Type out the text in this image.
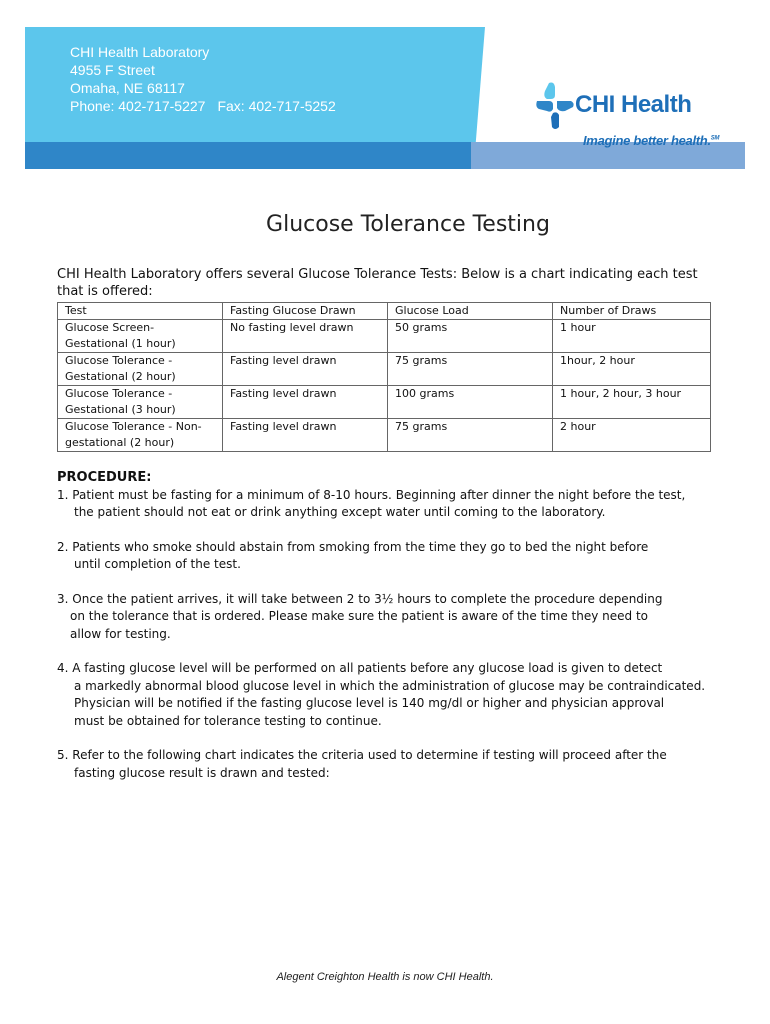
CHI Health Laboratory
4955 F Street
Omaha, NE 68117
Phone: 402-717-5227 Fax: 402-717-5252	CHI Health
Imagine better health.℠
Glucose Tolerance Testing
CHI Health Laboratory offers several Glucose Tolerance Tests: Below is a chart indicating each test that is offered:
Test	Fasting Glucose Drawn	Glucose Load	Number of Draws
Glucose Screen-Gestational (1 hour)	No fasting level drawn	50 grams	1 hour
Glucose Tolerance - Gestational (2 hour)	Fasting level drawn	75 grams	1hour, 2 hour
Glucose Tolerance - Gestational (3 hour)	Fasting level drawn	100 grams	1 hour, 2 hour, 3 hour
Glucose Tolerance - Non-gestational (2 hour)	Fasting level drawn	75 grams	2 hour
PROCEDURE:
1. Patient must be fasting for a minimum of 8-10 hours. Beginning after dinner the night before the test,
the patient should not eat or drink anything except water until coming to the laboratory.
2. Patients who smoke should abstain from smoking from the time they go to bed the night before
until completion of the test.
3. Once the patient arrives, it will take between 2 to 3½ hours to complete the procedure depending
on the tolerance that is ordered. Please make sure the patient is aware of the time they need to
allow for testing.
4. A fasting glucose level will be performed on all patients before any glucose load is given to detect
a markedly abnormal blood glucose level in which the administration of glucose may be contraindicated.
Physician will be notified if the fasting glucose level is 140 mg/dl or higher and physician approval
must be obtained for tolerance testing to continue.
5. Refer to the following chart indicates the criteria used to determine if testing will proceed after the
fasting glucose result is drawn and tested:
Alegent Creighton Health is now CHI Health.
